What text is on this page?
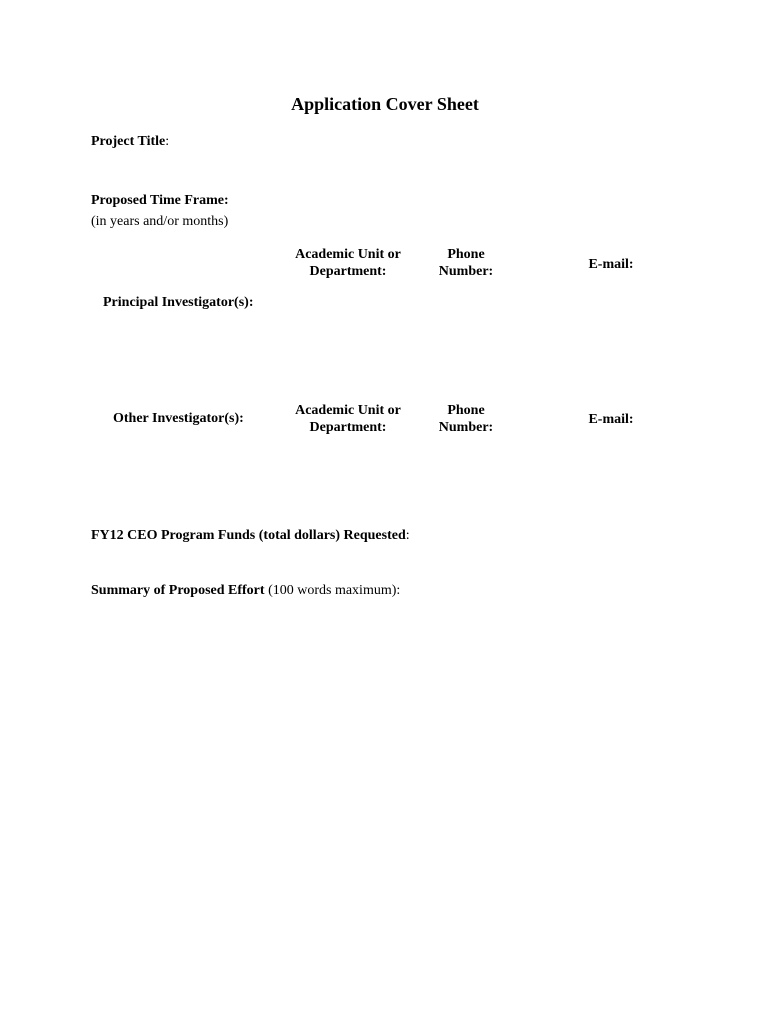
Application Cover Sheet
Project Title:
Proposed Time Frame:
(in years and/or months)
Academic Unit or
Department:
Phone
Number:	E-mail:
Principal Investigator(s):
Academic Unit or
Department:
Phone
Number:
E-mail:
Other Investigator(s):
FY12 CEO Program Funds (total dollars) Requested:
Summary of Proposed Effort (100 words maximum):
